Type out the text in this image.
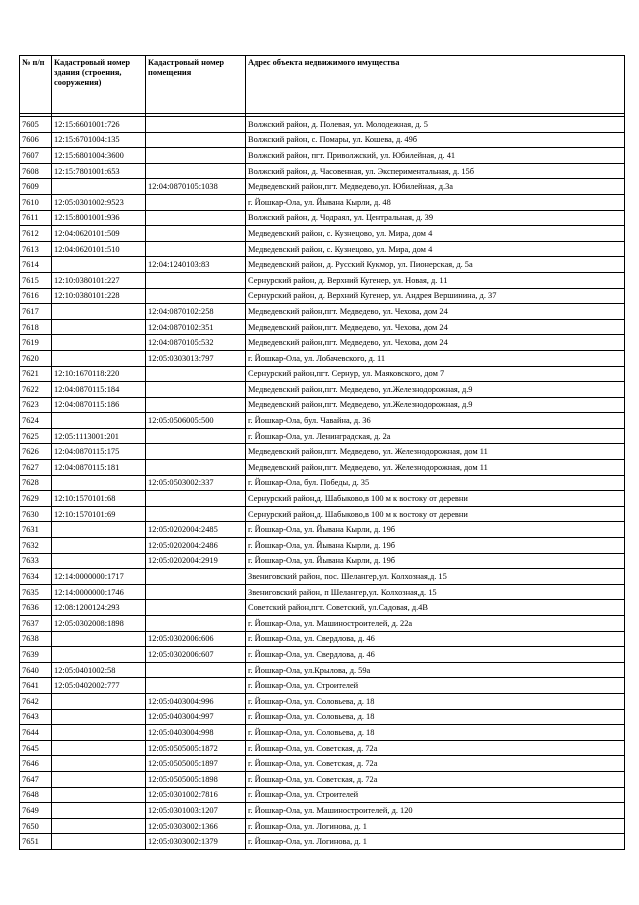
№ п/п	Кадастровый номер здания (строения, сооружения)	Кадастровый номер помещения	Адрес объекта недвижимого имущества

7605	12:15:6601001:726		Волжский район, д. Полевая, ул. Молодежная, д. 5
7606	12:15:6701004:135		Волжский район, с. Помары, ул. Кошева, д. 49б
7607	12:15:6801004:3600		Волжский район, пгт. Приволжский, ул. Юбилейная, д. 41
7608	12:15:7801001:653		Волжский район, д. Часовенная, ул. Экспериментальная, д. 15б
7609		12:04:0870105:1038	Медведевский район,пгт. Медведево,ул. Юбилейная, д.3а
7610	12:05:0301002:9523		г. Йошкар-Ола, ул. Йывана Кырли, д. 48
7611	12:15:8001001:936		Волжский район, д. Чодраял, ул. Центральная, д. 39
7612	12:04:0620101:509		Медведевский район, с. Кузнецово, ул. Мира, дом 4
7613	12:04:0620101:510		Медведевский район, с. Кузнецово, ул. Мира, дом 4
7614		12:04:1240103:83	Медведевский район, д. Русский Кукмор, ул. Пионерская, д. 5а
7615	12:10:0380101:227		Сернурский район, д. Верхний Кугенер, ул. Новая, д. 11
7616	12:10:0380101:228		Сернурский район, д. Верхний Кугенер, ул. Андрея Вершинина, д. 37
7617		12:04:0870102:258	Медведевский район,пгт. Медведево, ул. Чехова, дом 24
7618		12:04:0870102:351	Медведевский район,пгт. Медведево, ул. Чехова, дом 24
7619		12:04:0870105:532	Медведевский район,пгт. Медведево, ул. Чехова, дом 24
7620		12:05:0303013:797	г. Йошкар-Ола, ул. Лобачевского, д. 11
7621	12:10:1670118:220		Сернурский район,пгт. Сернур, ул. Маяковского, дом 7
7622	12:04:0870115:184		Медведевский район,пгт. Медведево, ул.Железнодорожная, д.9
7623	12:04:0870115:186		Медведевский район,пгт. Медведево, ул.Железнодорожная, д.9
7624		12:05:0506005:500	г. Йошкар-Ола, бул. Чавайна, д. 36
7625	12:05:1113001:201		г. Йошкар-Ола, ул. Ленинградская, д. 2а
7626	12:04:0870115:175		Медведевский район,пгт. Медведево, ул. Железнодорожная, дом 11
7627	12:04:0870115:181		Медведевский район,пгт. Медведево, ул. Железнодорожная, дом 11
7628		12:05:0503002:337	г. Йошкар-Ола, бул. Победы, д. 35
7629	12:10:1570101:68		Сернурский район,д. Шабыково,в 100 м к востоку от деревни
7630	12:10:1570101:69		Сернурский район,д. Шабыково,в 100 м к востоку от деревни
7631		12:05:0202004:2485	г. Йошкар-Ола, ул. Йывана Кырли, д. 19б
7632		12:05:0202004:2486	г. Йошкар-Ола, ул. Йывана Кырли, д. 19б
7633		12:05:0202004:2919	г. Йошкар-Ола, ул. Йывана Кырли, д. 19б
7634	12:14:0000000:1717		Звениговский район, пос. Шелангер,ул. Колхозная,д. 15
7635	12:14:0000000:1746		Звениговский район, п Шелангер,ул. Колхозная,д. 15
7636	12:08:1200124:293		Советский район,пгт. Советский, ул.Садовая, д.4В
7637	12:05:0302008:1898		г. Йошкар-Ола, ул. Машиностроителей, д. 22а
7638		12:05:0302006:606	г. Йошкар-Ола, ул. Свердлова, д. 46
7639		12:05:0302006:607	г. Йошкар-Ола, ул. Свердлова, д. 46
7640	12:05:0401002:58		г. Йошкар-Ола, ул.Крылова, д. 59а
7641	12:05:0402002:777		г. Йошкар-Ола, ул. Строителей
7642		12:05:0403004:996	г. Йошкар-Ола, ул. Соловьева, д. 18
7643		12:05:0403004:997	г. Йошкар-Ола, ул. Соловьева, д. 18
7644		12:05:0403004:998	г. Йошкар-Ола, ул. Соловьева, д. 18
7645		12:05:0505005:1872	г. Йошкар-Ола, ул. Советская, д. 72а
7646		12:05:0505005:1897	г. Йошкар-Ола, ул. Советская, д. 72а
7647		12:05:0505005:1898	г. Йошкар-Ола, ул. Советская, д. 72а
7648		12:05:0301002:7816	г. Йошкар-Ола, ул. Строителей
7649		12:05:0301003:1207	г. Йошкар-Ола, ул. Машиностроителей, д. 120
7650		12:05:0303002:1366	г. Йошкар-Ола, ул. Логинова, д. 1
7651		12:05:0303002:1379	г. Йошкар-Ола, ул. Логинова, д. 1
